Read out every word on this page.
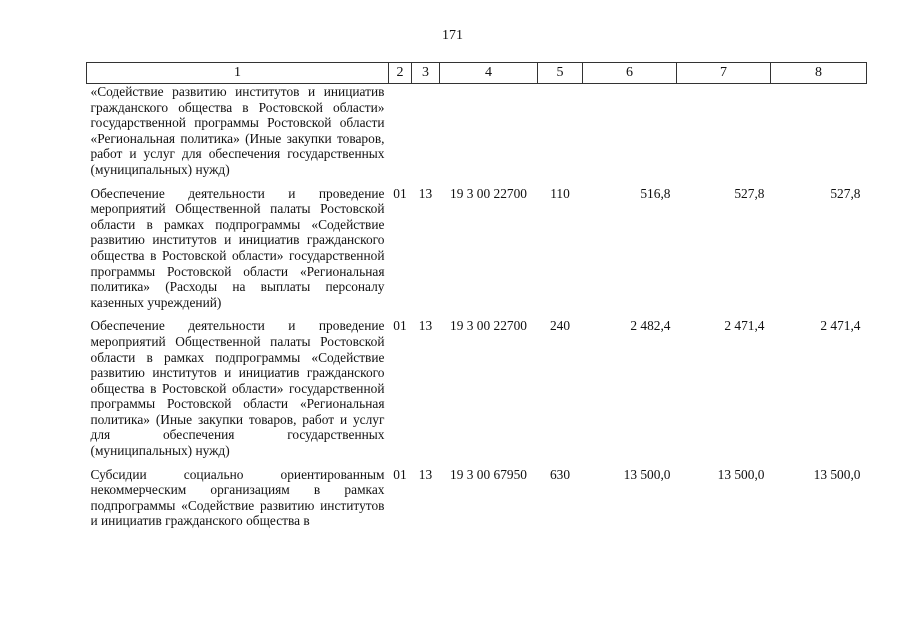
171
1	2	3	4	5	6	7	8
«Содействие развитию институтов и инициатив гражданского общества в Ростовской области» государственной программы Ростовской области «Региональная политика» (Иные закупки товаров, работ и услуг для обеспечения государственных (муниципальных) нужд)							

Обеспечение деятельности и проведение мероприятий Общественной палаты Ростовской области в рамках подпрограммы «Содействие развитию институтов и инициатив гражданского общества в Ростовской области» государственной программы Ростовской области «Региональная политика» (Расходы на выплаты персоналу казенных учреждений)	01	13	19 3 00 22700	110	516,8	527,8	527,8

Обеспечение деятельности и проведение мероприятий Общественной палаты Ростовской области в рамках подпрограммы «Содействие развитию институтов и инициатив гражданского общества в Ростовской области» государственной программы Ростовской области «Региональная политика» (Иные закупки товаров, работ и услуг для обеспечения государственных (муниципальных) нужд)	01	13	19 3 00 22700	240	2 482,4	2 471,4	2 471,4

Субсидии социально ориентированным некоммерческим организациям в рамках подпрограммы «Содействие развитию институтов и инициатив гражданского общества в	01	13	19 3 00 67950	630	13 500,0	13 500,0	13 500,0
